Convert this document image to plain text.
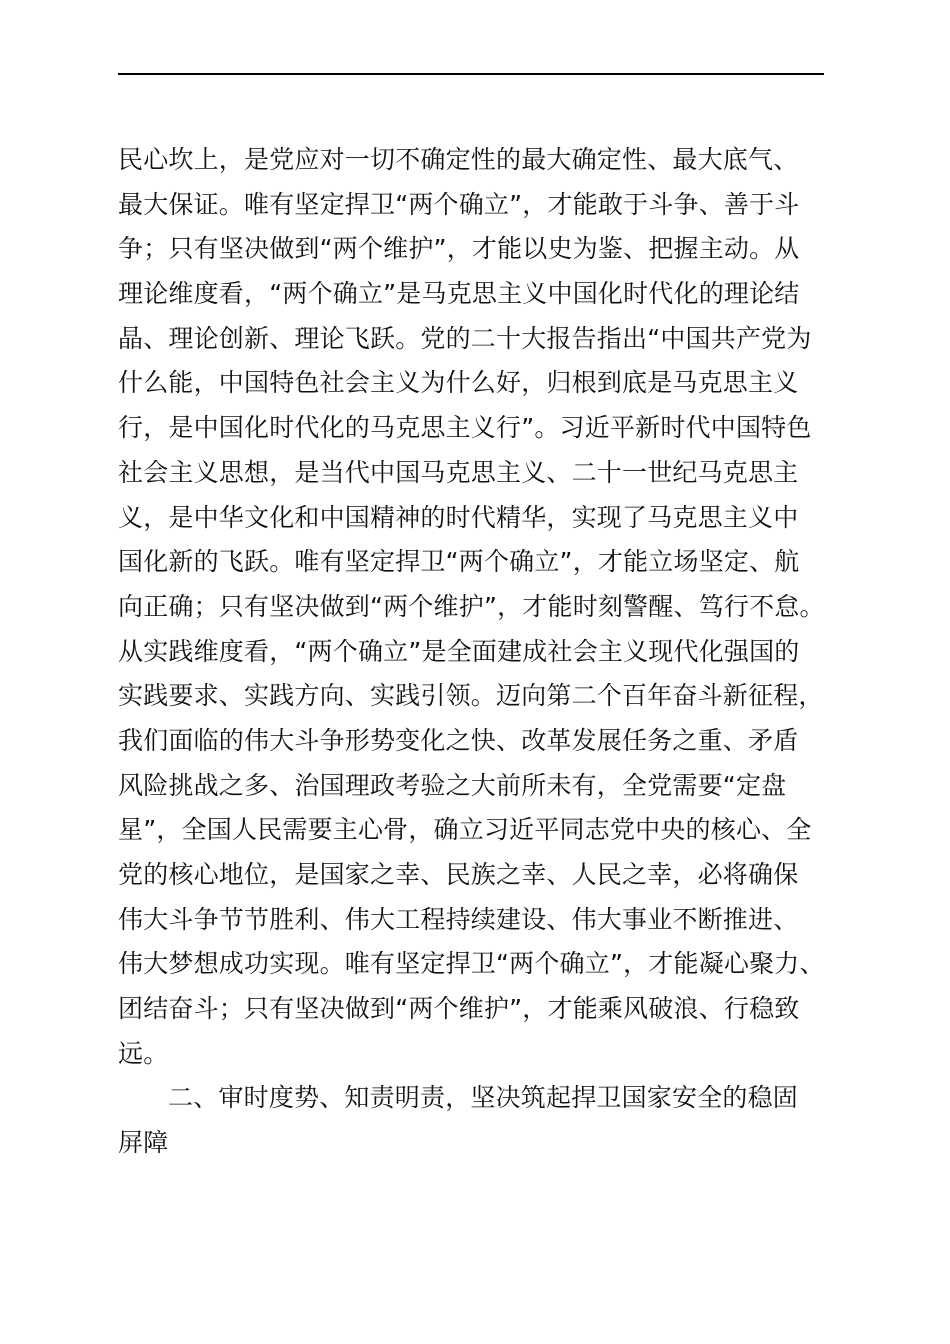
民心坎上，是党应对一切不确定性的最大确定性、最大底气、
最大保证。唯有坚定捍卫“两个确立”，才能敢于斗争、善于斗
争；只有坚决做到“两个维护”，才能以史为鉴、把握主动。从
理论维度看，“两个确立”是马克思主义中国化时代化的理论结
晶、理论创新、理论飞跃。党的二十大报告指出“中国共产党为
什么能，中国特色社会主义为什么好，归根到底是马克思主义
行，是中国化时代化的马克思主义行”。习近平新时代中国特色
社会主义思想，是当代中国马克思主义、二十一世纪马克思主
义，是中华文化和中国精神的时代精华，实现了马克思主义中
国化新的飞跃。唯有坚定捍卫“两个确立”，才能立场坚定、航
向正确；只有坚决做到“两个维护”，才能时刻警醒、笃行不怠。
从实践维度看，“两个确立”是全面建成社会主义现代化强国的
实践要求、实践方向、实践引领。迈向第二个百年奋斗新征程，
我们面临的伟大斗争形势变化之快、改革发展任务之重、矛盾
风险挑战之多、治国理政考验之大前所未有，全党需要“定盘
星”，全国人民需要主心骨，确立习近平同志党中央的核心、全
党的核心地位，是国家之幸、民族之幸、人民之幸，必将确保
伟大斗争节节胜利、伟大工程持续建设、伟大事业不断推进、
伟大梦想成功实现。唯有坚定捍卫“两个确立”，才能凝心聚力、
团结奋斗；只有坚决做到“两个维护”，才能乘风破浪、行稳致
远。
二、审时度势、知责明责，坚决筑起捍卫国家安全的稳固
屏障
